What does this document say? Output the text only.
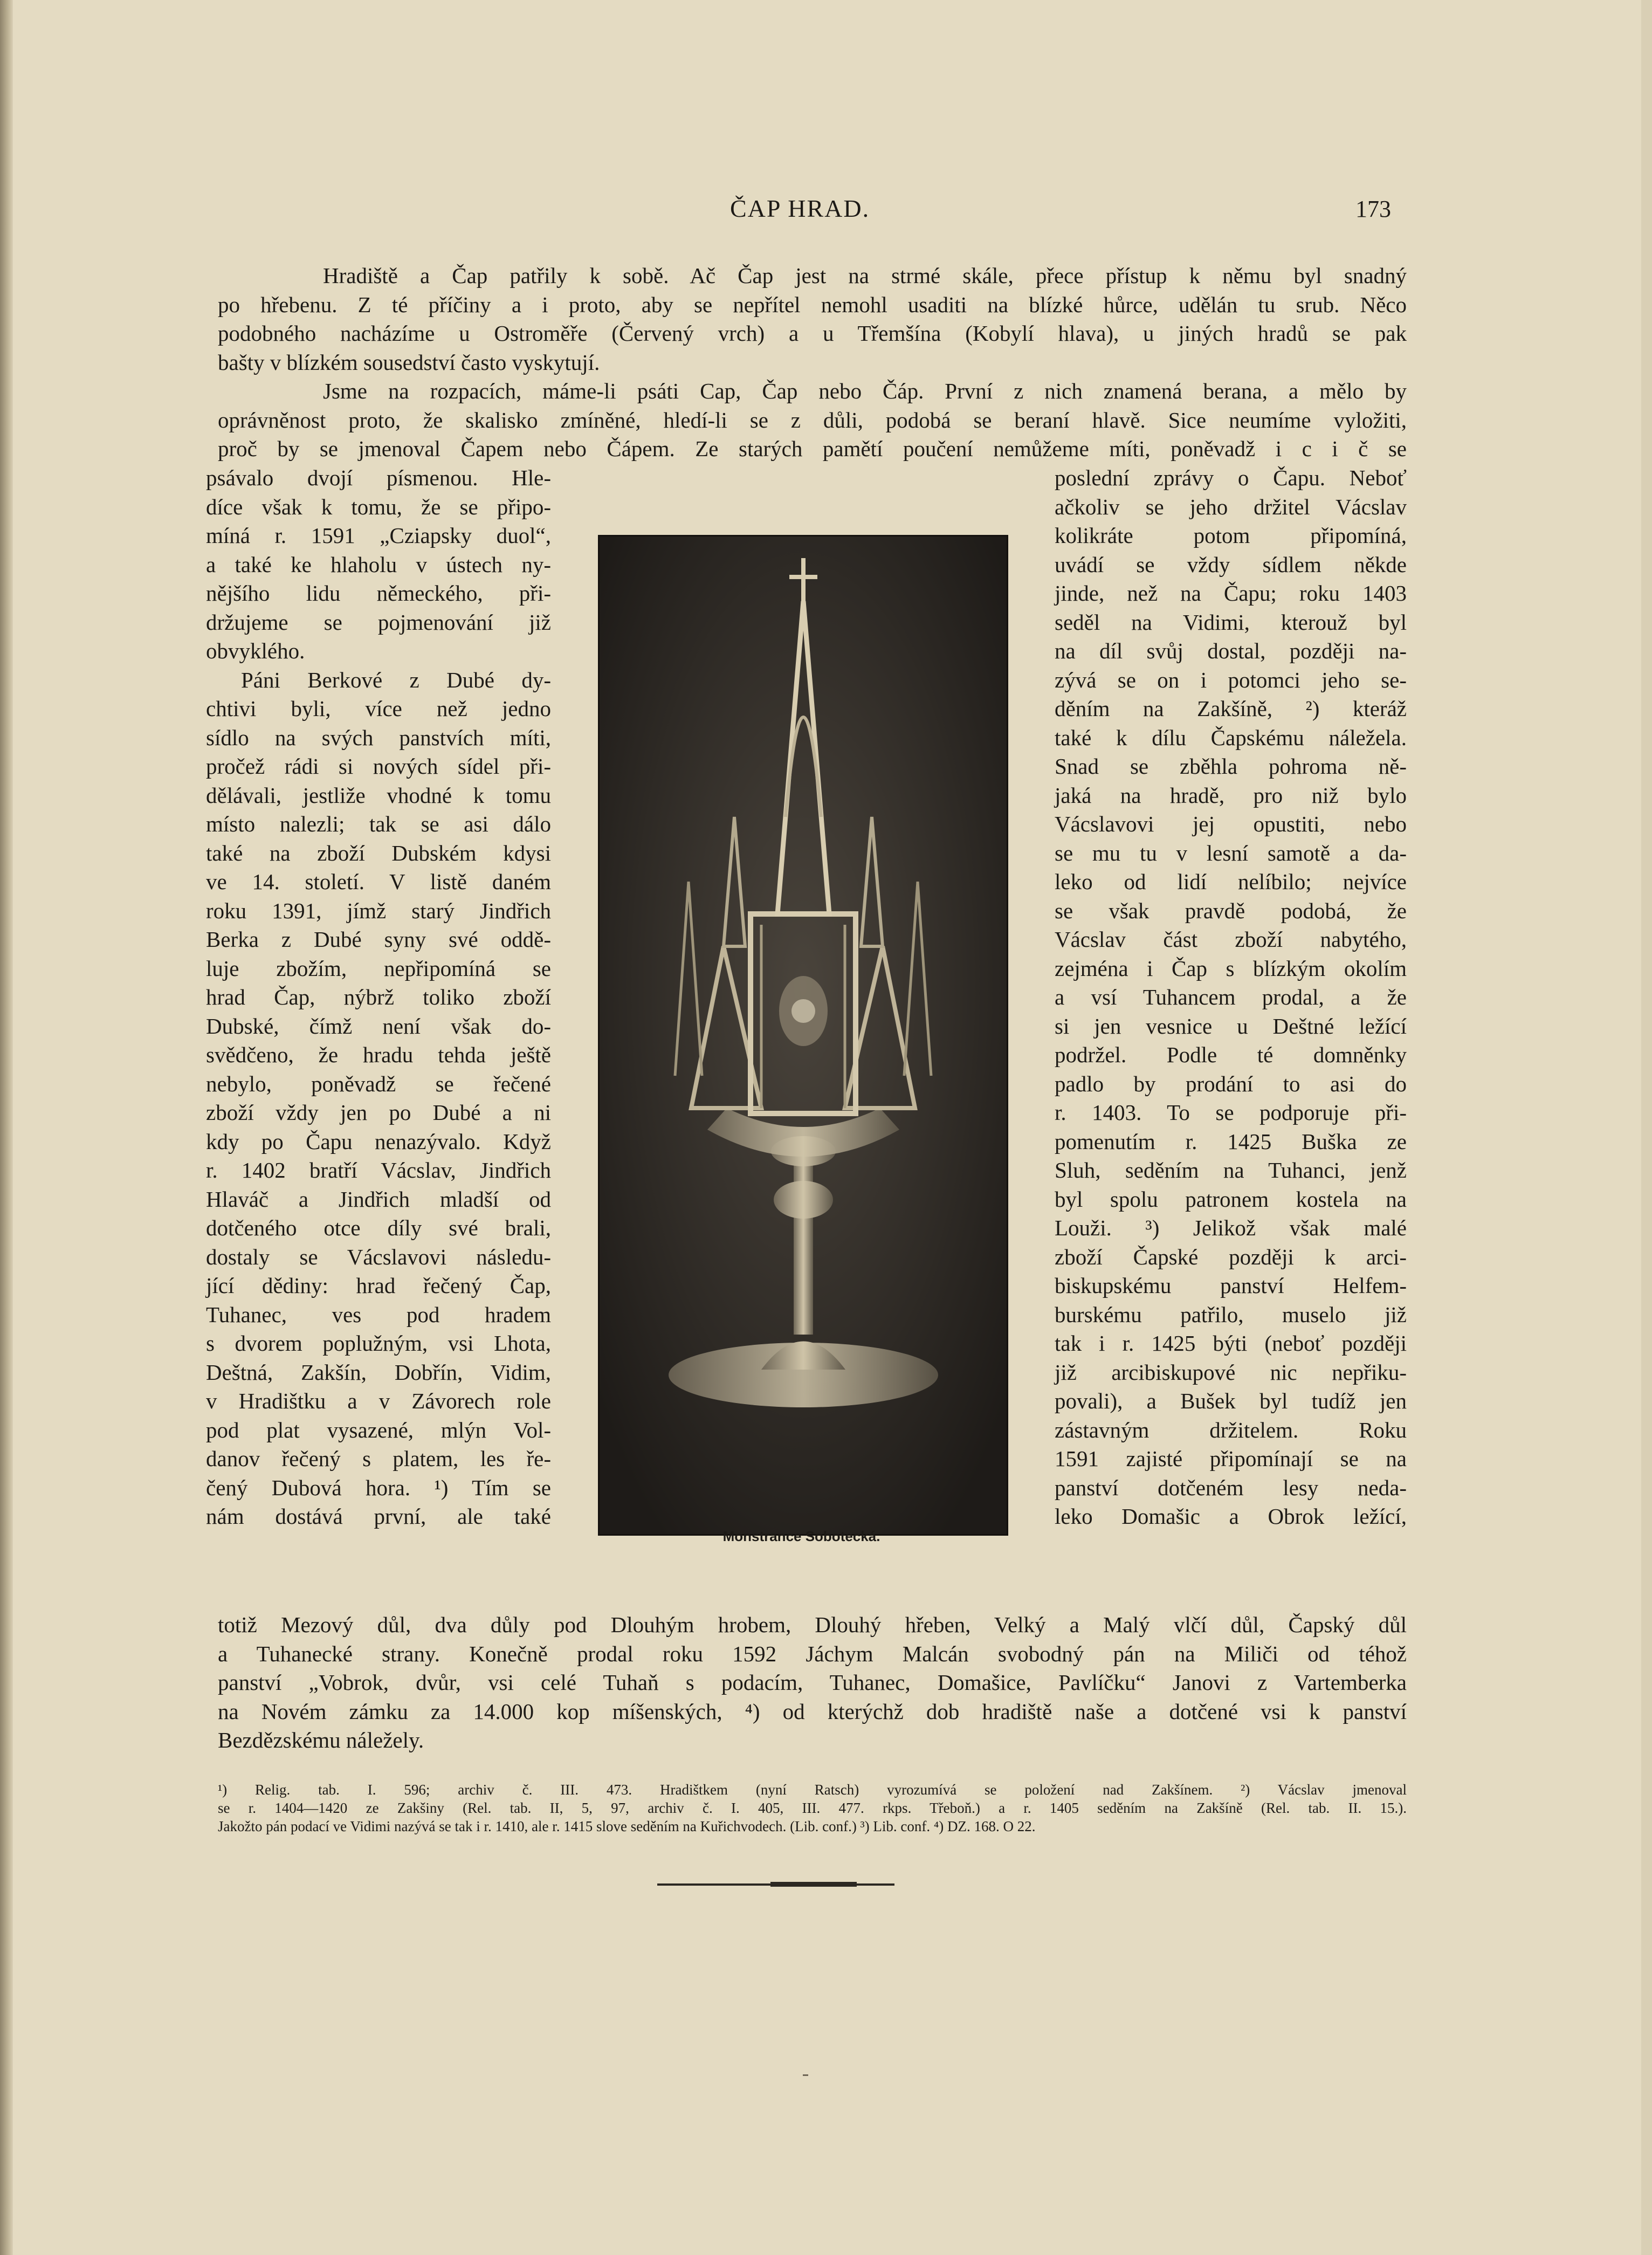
ČAP HRAD.	173
Hradiště a Čap patřily k sobě. Ač Čap jest na strmé skále, přece přístup k němu byl snadný
po hřebenu. Z té příčiny a i proto, aby se nepřítel nemohl usaditi na blízké hůrce, udělán tu srub. Něco
podobného nacházíme u Ostroměře (Červený vrch) a u Třemšína (Kobylí hlava), u jiných hradů se pak
bašty v blízkém sousedství často vyskytují.
Jsme na rozpacích, máme-li psáti Cap, Čap nebo Čáp. První z nich znamená berana, a mělo by
oprávněnost proto, že skalisko zmíněné, hledí-li se z důli, podobá se beraní hlavě. Sice neumíme vyložiti,
proč by se jmenoval Čapem nebo Čápem. Ze starých pamětí poučení nemůžeme míti, poněvadž i c i č se
psávalo dvojí písmenou. Hle-
díce však k tomu, že se připo-
míná r. 1591 „Cziapsky duol“,
a také ke hlaholu v ústech ny-
nějšího lidu německého, při-
držujeme se pojmenování již
obvyklého.
Páni Berkové z Dubé dy-
chtivi byli, více než jedno
sídlo na svých panstvích míti,
pročež rádi si nových sídel při-
dělávali, jestliže vhodné k tomu
místo nalezli; tak se asi dálo
také na zboží Dubském kdysi
ve 14. století. V listě daném
roku 1391, jímž starý Jindřich
Berka z Dubé syny své oddě-
luje zbožím, nepřipomíná se
hrad Čap, nýbrž toliko zboží
Dubské, čímž není však do-
svědčeno, že hradu tehda ještě
nebylo, poněvadž se řečené
zboží vždy jen po Dubé a ni
kdy po Čapu nenazývalo. Když
r. 1402 bratří Vácslav, Jindřich
Hlaváč a Jindřich mladší od
dotčeného otce díly své brali,
dostaly se Vácslavovi následu-
jící dědiny: hrad řečený Čap,
Tuhanec, ves pod hradem
s dvorem poplužným, vsi Lhota,
Deštná, Zakšín, Dobřín, Vidim,
v Hradištku a v Závorech role
pod plat vysazené, mlýn Vol-
danov řečený s platem, les ře-
čený Dubová hora. ¹) Tím se
nám dostává první, ale také
poslední zprávy o Čapu. Neboť
ačkoliv se jeho držitel Vácslav
kolikráte potom připomíná,
uvádí se vždy sídlem někde
jinde, než na Čapu; roku 1403
seděl na Vidimi, kterouž byl
na díl svůj dostal, později na-
zývá se on i potomci jeho se-
děním na Zakšíně, ²) kteráž
také k dílu Čapskému náležela.
Snad se zběhla pohroma ně-
jaká na hradě, pro niž bylo
Vácslavovi jej opustiti, nebo
se mu tu v lesní samotě a da-
leko od lidí nelíbilo; nejvíce
se však pravdě podobá, že
Vácslav část zboží nabytého,
zejména i Čap s blízkým okolím
a vsí Tuhancem prodal, a že
si jen vesnice u Deštné ležící
podržel. Podle té domněnky
padlo by prodání to asi do
r. 1403. To se podporuje při-
pomenutím r. 1425 Buška ze
Sluh, seděním na Tuhanci, jenž
byl spolu patronem kostela na
Louži. ³) Jelikož však malé
zboží Čapské později k arci-
biskupskému panství Helfem-
burskému patřilo, muselo již
tak i r. 1425 býti (neboť později
již arcibiskupové nic nepřiku-
povali), a Bušek byl tudíž jen
zástavným držitelem. Roku
1591 zajisté připomínají se na
panství dotčeném lesy neda-
leko Domašic a Obrok ležící,
Monstrance Sobotecká.
totiž Mezový důl, dva důly pod Dlouhým hrobem, Dlouhý hřeben, Velký a Malý vlčí důl, Čapský důl
a Tuhanecké strany. Konečně prodal roku 1592 Jáchym Malcán svobodný pán na Miliči od téhož
panství „Vobrok, dvůr, vsi celé Tuhaň s podacím, Tuhanec, Domašice, Pavlíčku“ Janovi z Vartemberka
na Novém zámku za 14.000 kop míšenských, ⁴) od kterýchž dob hradiště naše a dotčené vsi k panství
Bezdězskému náležely.
¹) Relig. tab. I. 596; archiv č. III. 473. Hradištkem (nyní Ratsch) vyrozumívá se položení nad Zakšínem. ²) Vácslav jmenoval
se r. 1404—1420 ze Zakšiny (Rel. tab. II, 5, 97, archiv č. I. 405, III. 477. rkps. Třeboň.) a r. 1405 seděním na Zakšíně (Rel. tab. II. 15.).
Jakožto pán podací ve Vidimi nazývá se tak i r. 1410, ale r. 1415 slove seděním na Kuřichvodech. (Lib. conf.) ³) Lib. conf. ⁴) DZ. 168. O 22.
